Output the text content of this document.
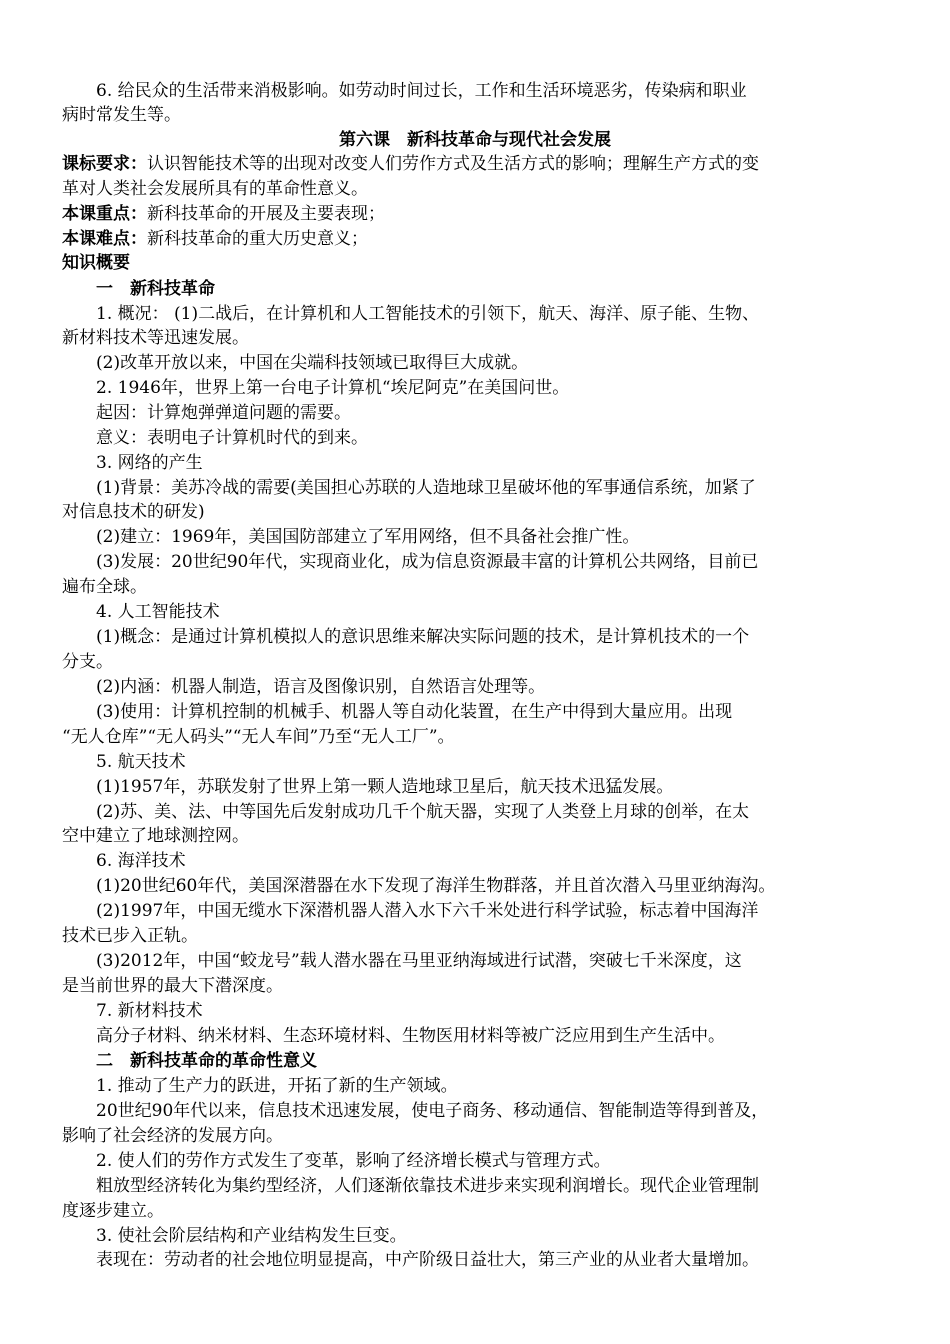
6. 给民众的生活带来消极影响。如劳动时间过长，工作和生活环境恶劣，传染病和职业
病时常发生等。
第六课　新科技革命与现代社会发展
课标要求：认识智能技术等的出现对改变人们劳作方式及生活方式的影响；理解生产方式的变
革对人类社会发展所具有的革命性意义。
本课重点：新科技革命的开展及主要表现；
本课难点：新科技革命的重大历史意义；
知识概要
一　新科技革命
1. 概况： (1)二战后，在计算机和人工智能技术的引领下，航天、海洋、原子能、生物、
新材料技术等迅速发展。
(2)改革开放以来，中国在尖端科技领域已取得巨大成就。
2. 1946年，世界上第一台电子计算机“埃尼阿克”在美国问世。
起因：计算炮弹弹道问题的需要。
意义：表明电子计算机时代的到来。
3. 网络的产生
(1)背景：美苏冷战的需要(美国担心苏联的人造地球卫星破坏他的军事通信系统，加紧了
对信息技术的研发)
(2)建立：1969年，美国国防部建立了军用网络，但不具备社会推广性。
(3)发展：20世纪90年代，实现商业化，成为信息资源最丰富的计算机公共网络，目前已
遍布全球。
4. 人工智能技术
(1)概念：是通过计算机模拟人的意识思维来解决实际问题的技术，是计算机技术的一个
分支。
(2)内涵：机器人制造，语言及图像识别，自然语言处理等。
(3)使用：计算机控制的机械手、机器人等自动化装置，在生产中得到大量应用。出现
“无人仓库”“无人码头”“无人车间”乃至“无人工厂”。
5. 航天技术
(1)1957年，苏联发射了世界上第一颗人造地球卫星后，航天技术迅猛发展。
(2)苏、美、法、中等国先后发射成功几千个航天器，实现了人类登上月球的创举，在太
空中建立了地球测控网。
6. 海洋技术
(1)20世纪60年代，美国深潜器在水下发现了海洋生物群落，并且首次潜入马里亚纳海沟。
(2)1997年，中国无缆水下深潜机器人潜入水下六千米处进行科学试验，标志着中国海洋
技术已步入正轨。
(3)2012年，中国“蛟龙号”载人潜水器在马里亚纳海域进行试潜，突破七千米深度，这
是当前世界的最大下潜深度。
7. 新材料技术
高分子材料、纳米材料、生态环境材料、生物医用材料等被广泛应用到生产生活中。
二　新科技革命的革命性意义
1. 推动了生产力的跃进，开拓了新的生产领域。
20世纪90年代以来，信息技术迅速发展，使电子商务、移动通信、智能制造等得到普及，
影响了社会经济的发展方向。
2. 使人们的劳作方式发生了变革，影响了经济增长模式与管理方式。
粗放型经济转化为集约型经济，人们逐渐依靠技术进步来实现利润增长。现代企业管理制
度逐步建立。
3. 使社会阶层结构和产业结构发生巨变。
表现在：劳动者的社会地位明显提高，中产阶级日益壮大，第三产业的从业者大量增加。
